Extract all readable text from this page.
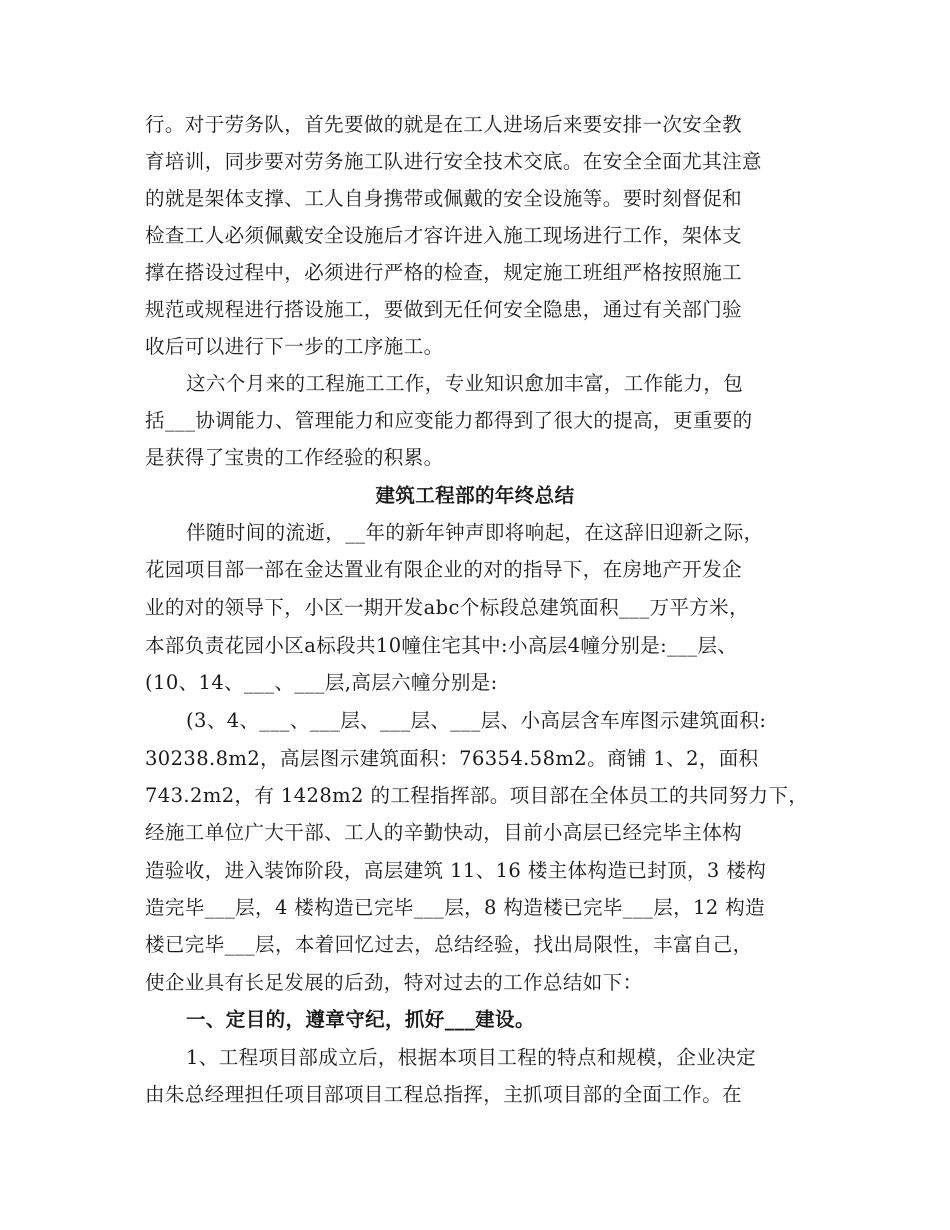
行。对于劳务队，首先要做的就是在工人进场后来要安排一次安全教
育培训，同步要对劳务施工队进行安全技术交底。在安全全面尤其注意
的就是架体支撑、工人自身携带或佩戴的安全设施等。要时刻督促和
检查工人必须佩戴安全设施后才容许进入施工现场进行工作，架体支
撑在搭设过程中，必须进行严格的检查，规定施工班组严格按照施工
规范或规程进行搭设施工，要做到无任何安全隐患，通过有关部门验
收后可以进行下一步的工序施工。
这六个月来的工程施工工作，专业知识愈加丰富，工作能力，包
括___协调能力、管理能力和应变能力都得到了很大的提高，更重要的
是获得了宝贵的工作经验的积累。
建筑工程部的年终总结
伴随时间的流逝，__年的新年钟声即将响起，在这辞旧迎新之际，
花园项目部一部在金达置业有限企业的对的指导下，在房地产开发企
业的对的领导下，小区一期开发abc个标段总建筑面积___万平方米，
本部负责花园小区a标段共10幢住宅其中:小高层4幢分别是:___层、
(10、14、___、___层,高层六幢分别是:
(3、4、___、___层、___层、___层、小高层含车库图示建筑面积:
30238.8m2，高层图示建筑面积：76354.58m2。商铺 1、2，面积
743.2m2，有 1428m2 的工程指挥部。项目部在全体员工的共同努力下，
经施工单位广大干部、工人的辛勤快动，目前小高层已经完毕主体构
造验收，进入装饰阶段，高层建筑 11、16 楼主体构造已封顶，3 楼构
造完毕___层，4 楼构造已完毕___层，8 构造楼已完毕___层，12 构造
楼已完毕___层，本着回忆过去，总结经验，找出局限性，丰富自己，
使企业具有长足发展的后劲，特对过去的工作总结如下：
一、定目的，遵章守纪，抓好___建设。
1、工程项目部成立后，根据本项目工程的特点和规模，企业决定
由朱总经理担任项目部项目工程总指挥，主抓项目部的全面工作。在
